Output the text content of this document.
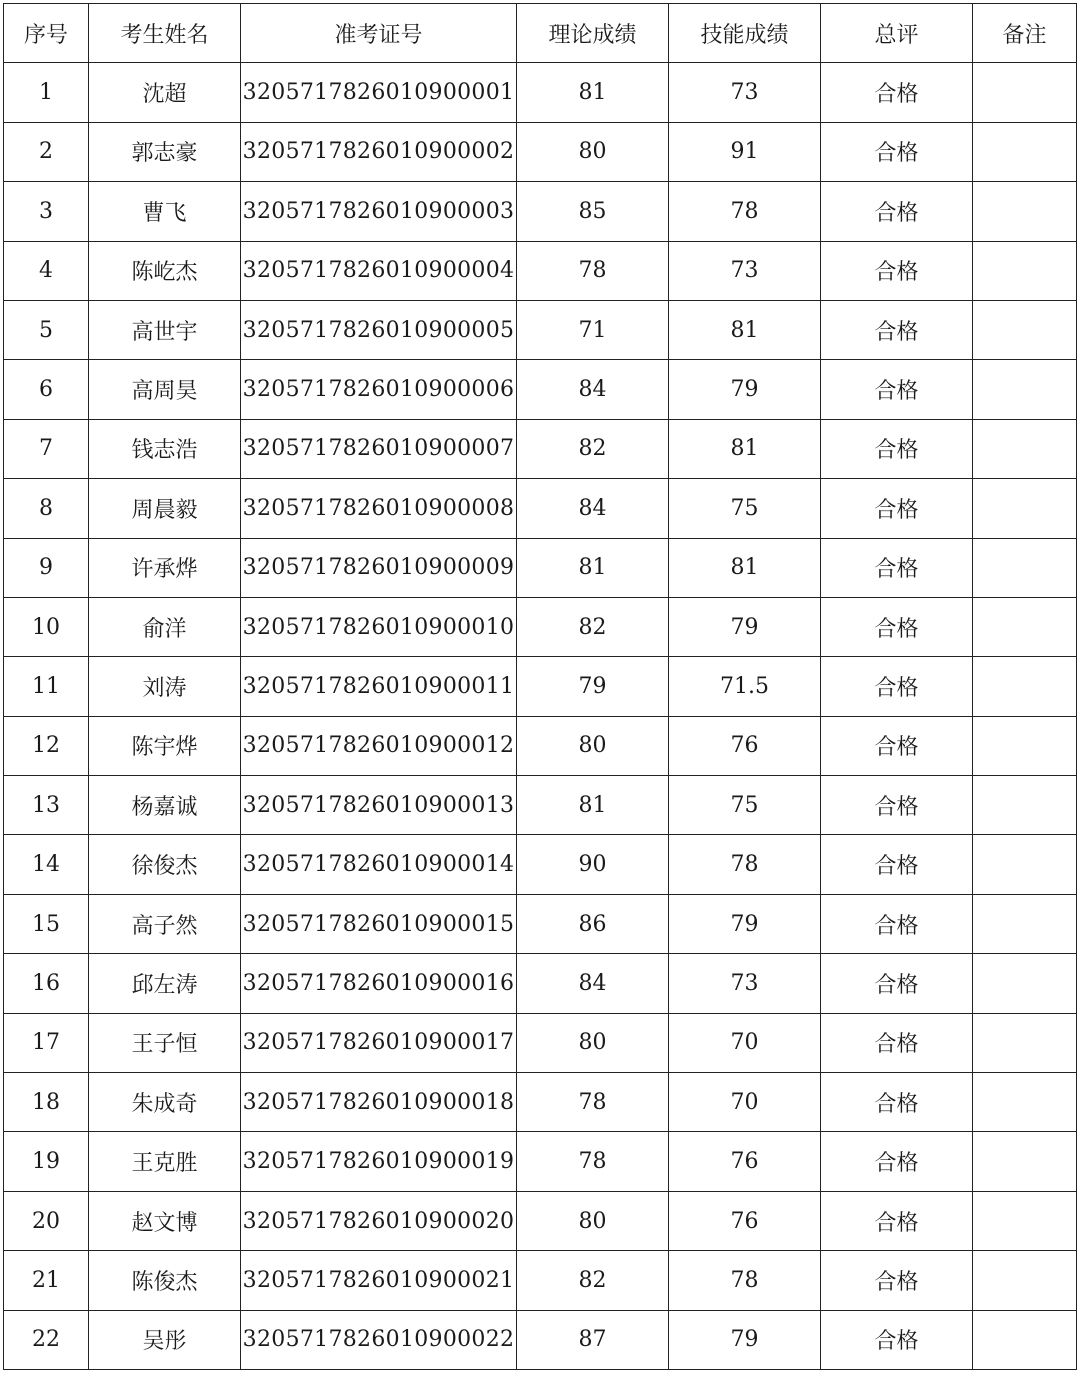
序号	考生姓名	准考证号	理论成绩	技能成绩	总评	备注
1	沈超	3205717826010900001	81	73	合格	
2	郭志豪	3205717826010900002	80	91	合格	
3	曹飞	3205717826010900003	85	78	合格	
4	陈屹杰	3205717826010900004	78	73	合格	
5	高世宇	3205717826010900005	71	81	合格	
6	高周昊	3205717826010900006	84	79	合格	
7	钱志浩	3205717826010900007	82	81	合格	
8	周晨毅	3205717826010900008	84	75	合格	
9	许承烨	3205717826010900009	81	81	合格	
10	俞洋	3205717826010900010	82	79	合格	
11	刘涛	3205717826010900011	79	71.5	合格	
12	陈宇烨	3205717826010900012	80	76	合格	
13	杨嘉诚	3205717826010900013	81	75	合格	
14	徐俊杰	3205717826010900014	90	78	合格	
15	高子然	3205717826010900015	86	79	合格	
16	邱左涛	3205717826010900016	84	73	合格	
17	王子恒	3205717826010900017	80	70	合格	
18	朱成奇	3205717826010900018	78	70	合格	
19	王克胜	3205717826010900019	78	76	合格	
20	赵文博	3205717826010900020	80	76	合格	
21	陈俊杰	3205717826010900021	82	78	合格	
22	吴彤	3205717826010900022	87	79	合格	
